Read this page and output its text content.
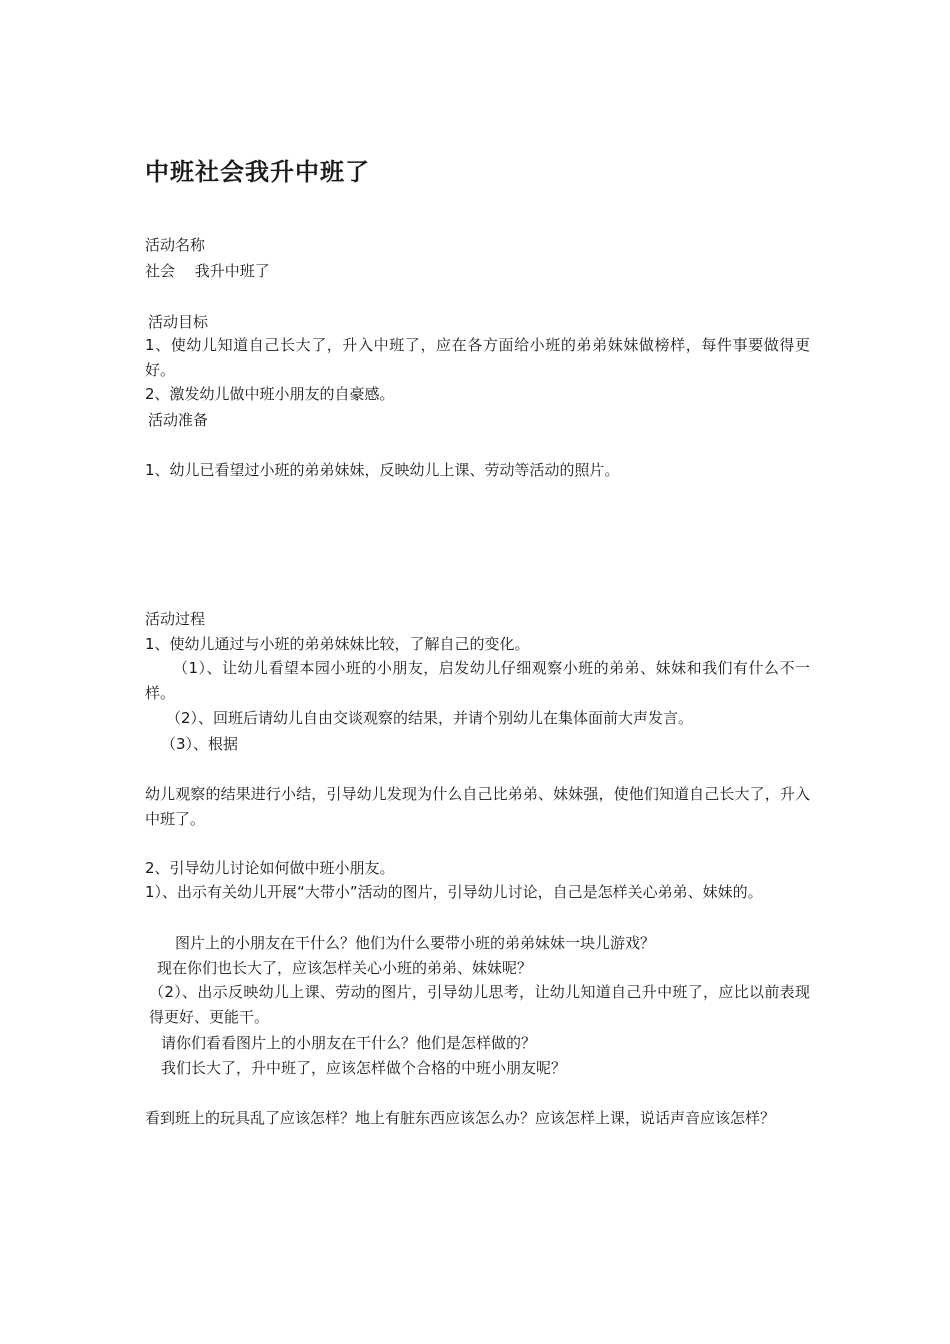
中班社会我升中班了

活动名称

社会　 我升中班了

活动目标

1、使幼儿知道自己长大了，升入中班了，应在各方面给小班的弟弟妹妹做榜样，每件事要做得更好。

2、激发幼儿做中班小朋友的自豪感。

活动准备

1、幼儿已看望过小班的弟弟妹妹，反映幼儿上课、劳动等活动的照片。

活动过程

1、使幼儿通过与小班的弟弟妹妹比较，了解自己的变化。

（1）、让幼儿看望本园小班的小朋友，启发幼儿仔细观察小班的弟弟、妹妹和我们有什么不一样。

（2）、回班后请幼儿自由交谈观察的结果，并请个别幼儿在集体面前大声发言。

（3）、根据

幼儿观察的结果进行小结，引导幼儿发现为什么自己比弟弟、妹妹强，使他们知道自己长大了，升入中班了。

2、引导幼儿讨论如何做中班小朋友。

1）、出示有关幼儿开展“大带小”活动的图片，引导幼儿讨论，自己是怎样关心弟弟、妹妹的。

图片上的小朋友在干什么？他们为什么要带小班的弟弟妹妹一块儿游戏？

现在你们也长大了，应该怎样关心小班的弟弟、妹妹呢？

（2）、出示反映幼儿上课、劳动的图片，引导幼儿思考，让幼儿知道自己升中班了，应比以前表现得更好、更能干。

请你们看看图片上的小朋友在干什么？他们是怎样做的？

我们长大了，升中班了，应该怎样做个合格的中班小朋友呢？

看到班上的玩具乱了应该怎样？地上有脏东西应该怎么办？应该怎样上课，说话声音应该怎样？
